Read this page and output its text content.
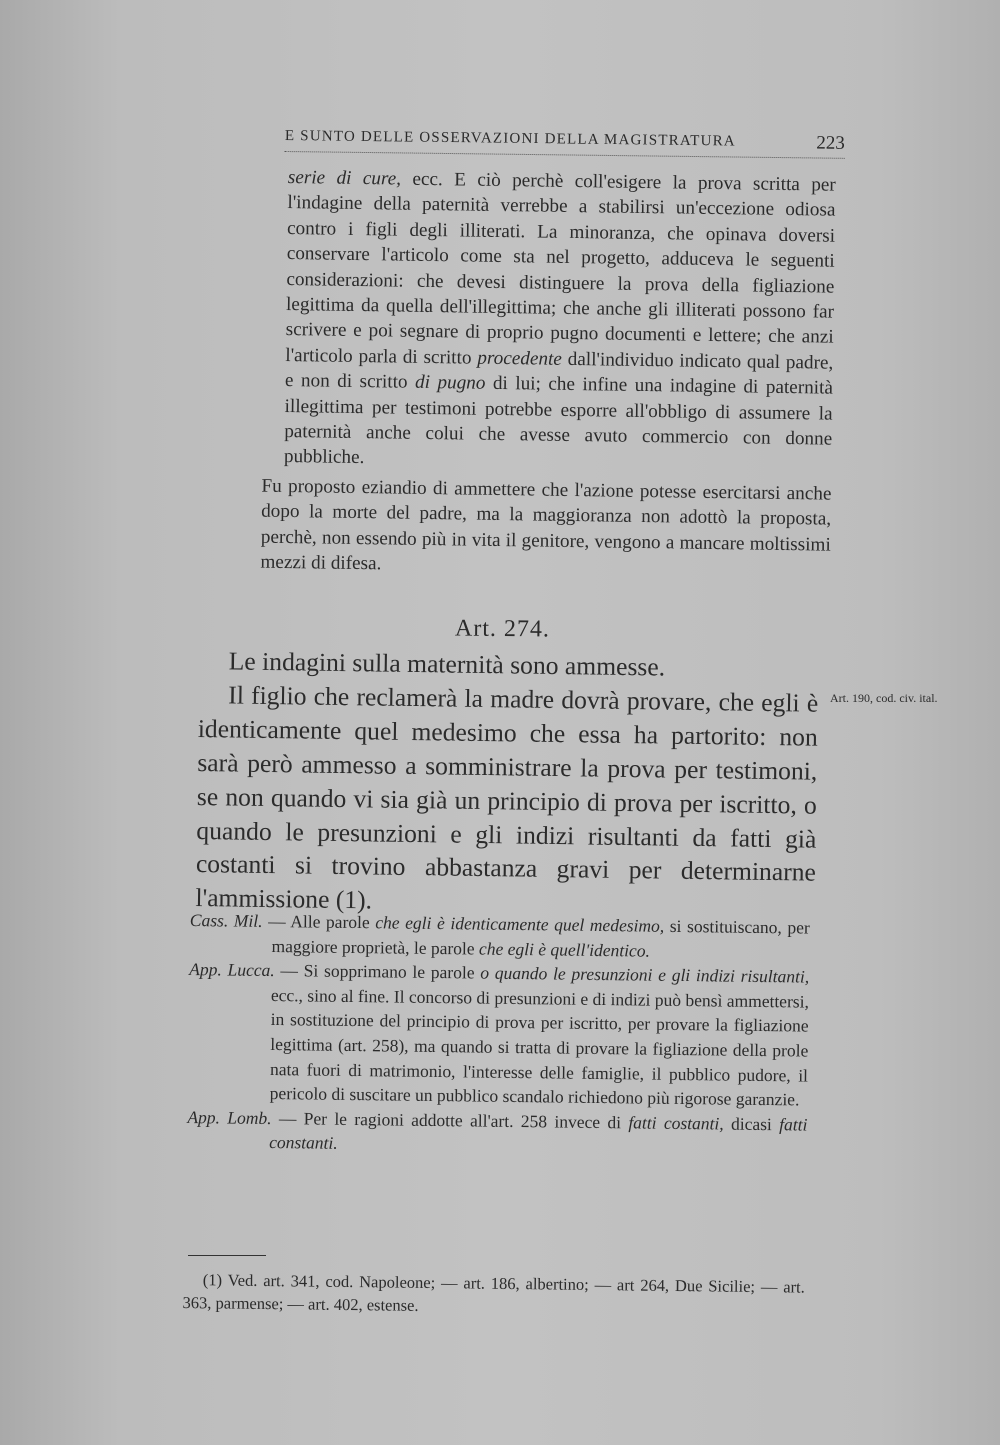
E SUNTO DELLE OSSERVAZIONI DELLA MAGISTRATURA	223

serie di cure, ecc. E ciò perchè coll'esigere la prova scritta per l'indagine della paternità verrebbe a stabilirsi un'eccezione odiosa contro i figli degli illiterati. La minoranza, che opinava doversi conservare l'articolo come sta nel progetto, adduceva le seguenti considerazioni: che devesi distinguere la prova della figliazione legittima da quella dell'illegittima; che anche gli illiterati possono far scrivere e poi segnare di proprio pugno documenti e lettere; che anzi l'articolo parla di scritto procedente dall'individuo indicato qual padre, e non di scritto di pugno di lui; che infine una indagine di paternità illegittima per testimoni potrebbe esporre all'obbligo di assumere la paternità anche colui che avesse avuto commercio con donne pubbliche.

Fu proposto eziandio di ammettere che l'azione potesse esercitarsi anche dopo la morte del padre, ma la maggioranza non adottò la proposta, perchè, non essendo più in vita il genitore, vengono a mancare moltissimi mezzi di difesa.

Art. 274.

Le indagini sulla maternità sono ammesse.

Il figlio che reclamerà la madre dovrà provare, che egli è identicamente quel medesimo che essa ha partorito: non sarà però ammesso a somministrare la prova per testimoni, se non quando vi sia già un principio di prova per iscritto, o quando le presunzioni e gli indizi risultanti da fatti già costanti si trovino abbastanza gravi per determinarne l'ammissione (1).

Art. 190, cod. civ. ital.

Cass. Mil. — Alle parole che egli è identicamente quel medesimo, si sostituiscano, per maggiore proprietà, le parole che egli è quell'identico.

App. Lucca. — Si sopprimano le parole o quando le presunzioni e gli indizi risultanti, ecc., sino al fine. Il concorso di presunzioni e di indizi può bensì ammettersi, in sostituzione del principio di prova per iscritto, per provare la figliazione legittima (art. 258), ma quando si tratta di provare la figliazione della prole nata fuori di matrimonio, l'interesse delle famiglie, il pubblico pudore, il pericolo di suscitare un pubblico scandalo richiedono più rigorose garanzie.

App. Lomb. — Per le ragioni addotte all'art. 258 invece di fatti costanti, dicasi fatti constanti.

(1) Ved. art. 341, cod. Napoleone; — art. 186, albertino; — art 264, Due Sicilie; — art. 363, parmense; — art. 402, estense.
